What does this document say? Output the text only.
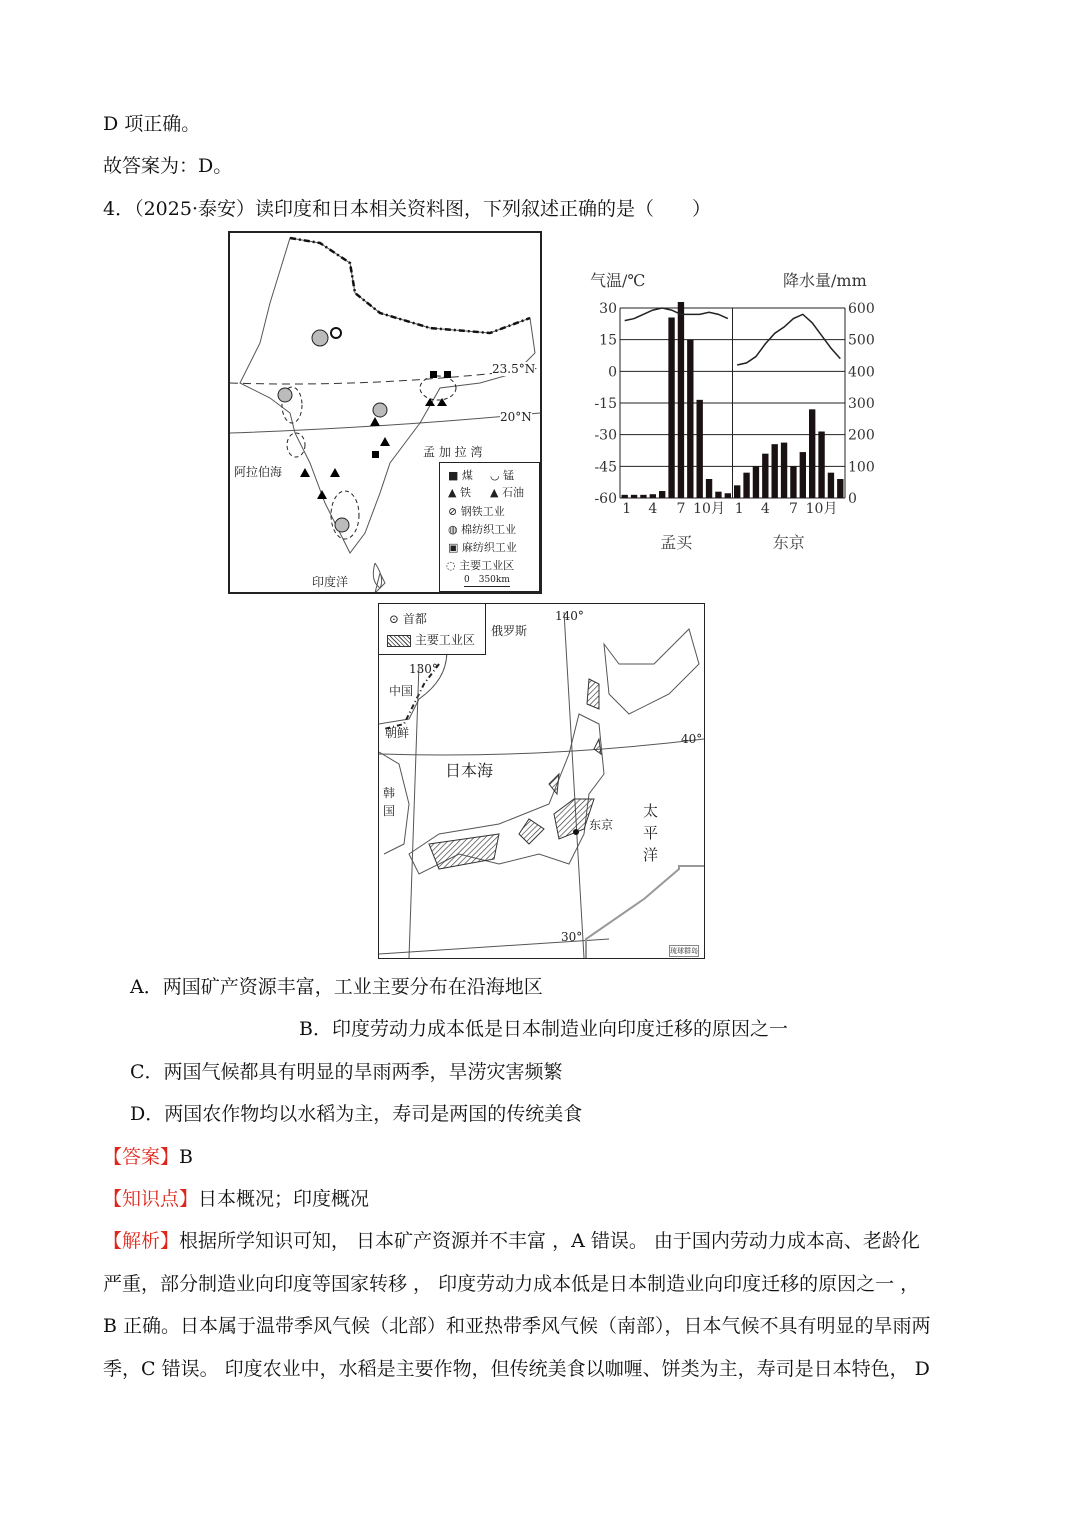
D 项正确。
故答案为：D。
4．（2025·泰安）读印度和日本相关资料图，下列叙述正确的是（　　）
23.5°N
20°N
孟 加 拉 湾
阿拉伯海
印度洋
■ 煤 ◡ 锰
▲ 铁 ▲ 石油
⊘ 钢铁工业
◍ 棉纺织工业
▣ 麻纺织工业
◌ 主要工业区
0　350km
30	600
15	500
0	400
-15	300
-30	200
-45	100
-60	0
气温/℃	降水量/mm
1 4 7 10月
孟买
1 4 7 10月
东京
⊙ 首都
主要工业区
俄罗斯
140°
130°
中国
朝鲜	40°
日本海
韩
国
东京
太
平
洋
30°
琉球群岛
A．两国矿产资源丰富，工业主要分布在沿海地区
B．印度劳动力成本低是日本制造业向印度迁移的原因之一
C．两国气候都具有明显的旱雨两季，旱涝灾害频繁
D．两国农作物均以水稻为主，寿司是两国的传统美食
【答案】B
【知识点】日本概况；印度概况
【解析】根据所学知识可知， 日本矿产资源并不丰富 ，A 错误。 由于国内劳动力成本高、老龄化
严重，部分制造业向印度等国家转移 ， 印度劳动力成本低是日本制造业向印度迁移的原因之一 ，
B 正确。日本属于温带季风气候（北部）和亚热带季风气候（南部），日本气候不具有明显的旱雨两
季，C 错误。 印度农业中，水稻是主要作物，但传统美食以咖喱、饼类为主，寿司是日本特色， D
